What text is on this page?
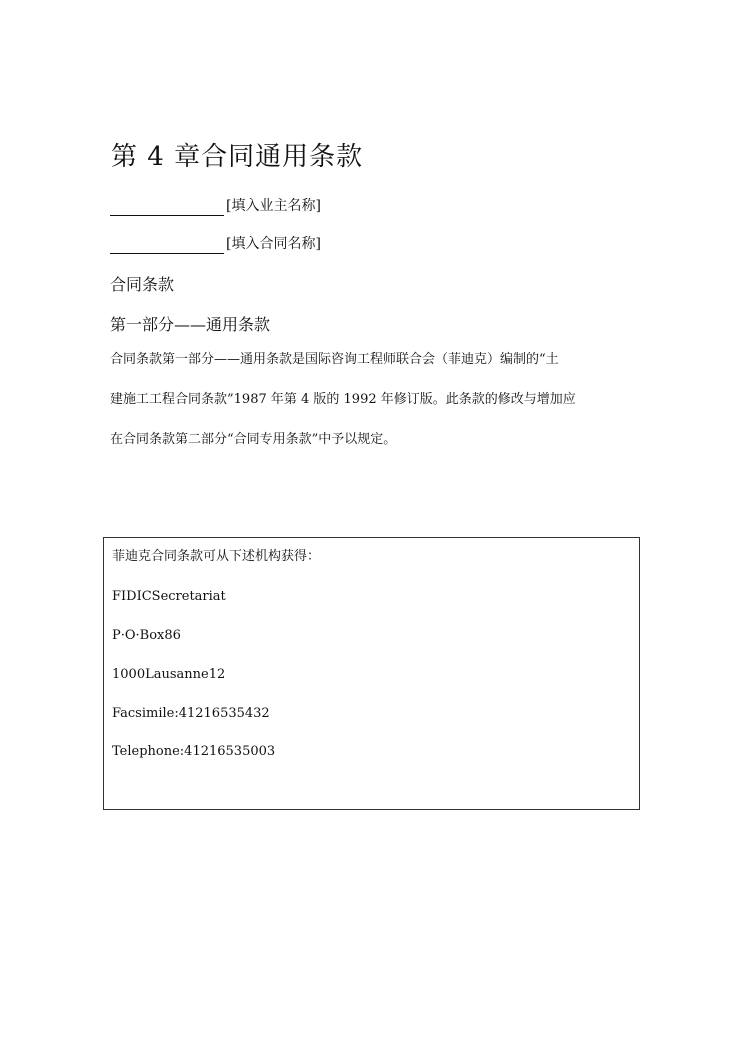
第 4 章合同通用条款
[填入业主名称]
[填入合同名称]
合同条款
第一部分——通用条款
合同条款第一部分——通用条款是国际咨询工程师联合会（菲迪克）编制的“土
建施工工程合同条款”1987 年第 4 版的 1992 年修订版。此条款的修改与增加应
在合同条款第二部分“合同专用条款”中予以规定。
菲迪克合同条款可从下述机构获得：
FIDICSecretariat
P·O·Box86
1000Lausanne12
Facsimile:41216535432
Telephone:41216535003
